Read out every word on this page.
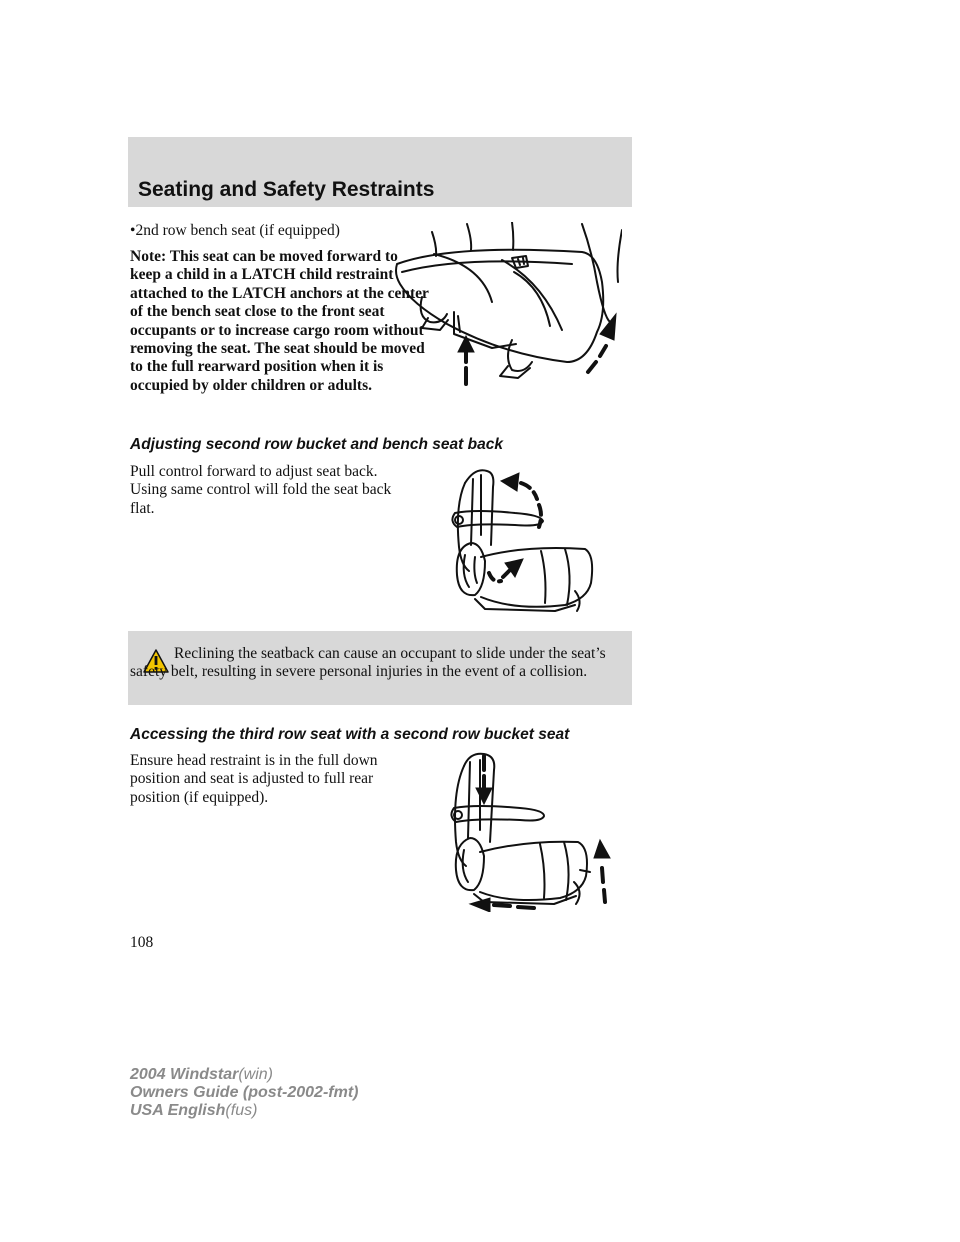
Seating and Safety Restraints
•2nd row bench seat (if equipped)
Note: This seat can be moved forward to keep a child in a LATCH child restraint attached to the LATCH anchors at the center of the bench seat close to the front seat occupants or to increase cargo room without removing the seat. The seat should be moved to the full rearward position when it is occupied by older children or adults.
Adjusting second row bucket and bench seat back
Pull control forward to adjust seat back. Using same control will fold the seat back flat.
Reclining the seatback can cause an occupant to slide under the seat’s safety belt, resulting in severe personal injuries in the event of a collision.
Accessing the third row seat with a second row bucket seat
Ensure head restraint is in the full down position and seat is adjusted to full rear position (if equipped).
108
2004 Windstar(win)
Owners Guide (post-2002-fmt)
USA English(fus)
